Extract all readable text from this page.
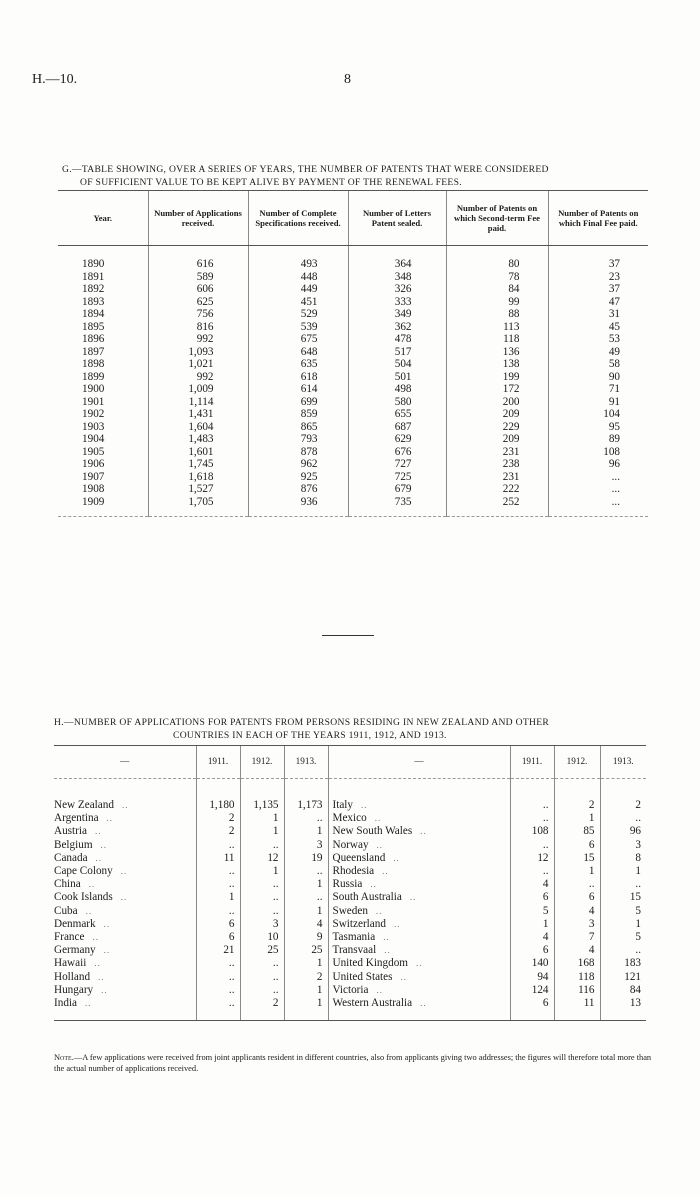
H.—10.	8
G.—TABLE SHOWING, OVER A SERIES OF YEARS, THE NUMBER OF PATENTS THAT WERE CONSIDERED
OF SUFFICIENT VALUE TO BE KEPT ALIVE BY PAYMENT OF THE RENEWAL FEES.
Year.	Number of Applications received.	Number of Complete Specifications received.	Number of Letters Patent sealed.	Number of Patents on which Second-term Fee paid.	Number of Patents on which Final Fee paid.

1890	616	493	364	80	37
1891	589	448	348	78	23
1892	606	449	326	84	37
1893	625	451	333	99	47
1894	756	529	349	88	31
1895	816	539	362	113	45
1896	992	675	478	118	53
1897	1,093	648	517	136	49
1898	1,021	635	504	138	58
1899	992	618	501	199	90
1900	1,009	614	498	172	71
1901	1,114	699	580	200	91
1902	1,431	859	655	209	104
1903	1,604	865	687	229	95
1904	1,483	793	629	209	89
1905	1,601	878	676	231	108
1906	1,745	962	727	238	96
1907	1,618	925	725	231	...
1908	1,527	876	679	222	...
1909	1,705	936	735	252	...

H.—NUMBER OF APPLICATIONS FOR PATENTS FROM PERSONS RESIDING IN NEW ZEALAND AND OTHER
COUNTRIES IN EACH OF THE YEARS 1911, 1912, AND 1913.
—	1911.	1912.	1913.	—	1911.	1912.	1913.

New Zealand ..	1,180	1,135	1,173	Italy ..	..	2	2
Argentina ..	2	1	..	Mexico ..	..	1	..
Austria ..	2	1	1	New South Wales ..	108	85	96
Belgium ..	..	..	3	Norway ..	..	6	3
Canada ..	11	12	19	Queensland ..	12	15	8
Cape Colony ..	..	1	..	Rhodesia ..	..	1	1
China ..	..	..	1	Russia ..	4	..	..
Cook Islands ..	1	..	..	South Australia ..	6	6	15
Cuba ..	..	..	1	Sweden ..	5	4	5
Denmark ..	6	3	4	Switzerland ..	1	3	1
France ..	6	10	9	Tasmania ..	4	7	5
Germany ..	21	25	25	Transvaal ..	6	4	..
Hawaii ..	..	..	1	United Kingdom ..	140	168	183
Holland ..	..	..	2	United States ..	94	118	121
Hungary ..	..	..	1	Victoria ..	124	116	84
India ..	..	2	1	Western Australia ..	6	11	13

Note.—A few applications were received from joint applicants resident in different countries, also from applicants giving two addresses; the figures will therefore total more than the actual number of applications received.
